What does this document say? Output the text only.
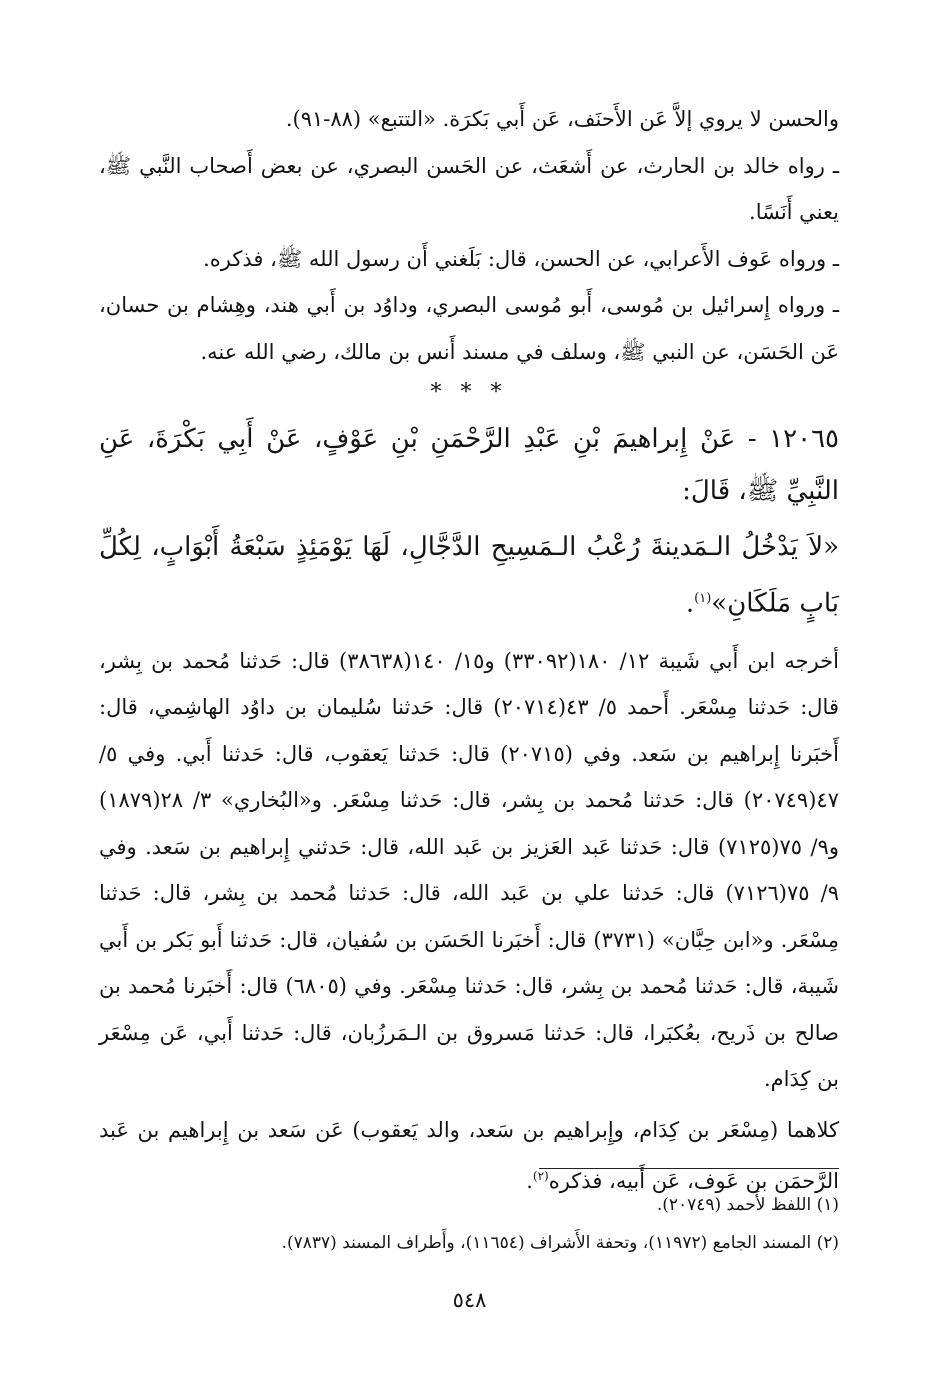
والحسن لا يروي إلاَّ عَن الأَحنَف، عَن أَبي بَكرَة. «التتبع» (٨٨-٩١).

ـ رواه خالد بن الحارث، عن أَشعَث، عن الحَسن البصري، عن بعض أَصحاب النَّبي ﷺ، يعني أَنَسًا.

ـ ورواه عَوف الأَعرابي، عن الحسن، قال: بَلَغني أَن رسول الله ﷺ، فذكره.

ـ ورواه إِسرائيل بن مُوسى، أَبو مُوسى البصري، وداوُد بن أَبي هند، وهِشام بن حسان، عَن الحَسَن، عن النبي ﷺ، وسلف في مسند أَنس بن مالك، رضي الله عنه.

* * *

١٢٠٦٥ - عَنْ إِبراهيمَ بْنِ عَبْدِ الرَّحْمَنِ بْنِ عَوْفٍ، عَنْ أَبِي بَكْرَةَ، عَنِ النَّبِيِّ ﷺ، قَالَ:

«لاَ يَدْخُلُ الـمَدينةَ رُعْبُ الـمَسِيحِ الدَّجَّالِ، لَهَا يَوْمَئِذٍ سَبْعَةُ أَبْوَابٍ، لِكُلِّ بَابٍ مَلَكَانِ»$^{(١)}$.

أخرجه ابن أَبي شَيبة ١٢/ ١٨٠(٣٣٠٩٢) و١٥/ ١٤٠(٣٨٦٣٨) قال: حَدثنا مُحمد بن بِشر، قال: حَدثنا مِسْعَر. أَحمد ٥/ ٤٣(٢٠٧١٤) قال: حَدثنا سُليمان بن داوُد الهاشِمي، قال: أَخبَرنا إِبراهيم بن سَعد. وفي (٢٠٧١٥) قال: حَدثنا يَعقوب، قال: حَدثنا أَبي. وفي ٥/ ٤٧(٢٠٧٤٩) قال: حَدثنا مُحمد بن بِشر، قال: حَدثنا مِسْعَر. و«البُخاري» ٣/ ٢٨(١٨٧٩) و٩/ ٧٥(٧١٢٥) قال: حَدثنا عَبد العَزيز بن عَبد الله، قال: حَدثني إِبراهيم بن سَعد. وفي ٩/ ٧٥(٧١٢٦) قال: حَدثنا علي بن عَبد الله، قال: حَدثنا مُحمد بن بِشر، قال: حَدثنا مِسْعَر. و«ابن حِبَّان» (٣٧٣١) قال: أَخبَرنا الحَسَن بن سُفيان، قال: حَدثنا أَبو بَكر بن أَبي شَيبة، قال: حَدثنا مُحمد بن بِشر، قال: حَدثنا مِسْعَر. وفي (٦٨٠٥) قال: أَخبَرنا مُحمد بن صالح بن ذَريح، بعُكبَرا، قال: حَدثنا مَسروق بن الـمَرزُبان، قال: حَدثنا أَبي، عَن مِسْعَر بن كِدَام.

كلاهما (مِسْعَر بن كِدَام، وإِبراهيم بن سَعد، والد يَعقوب) عَن سَعد بن إِبراهيم بن عَبد الرَّحمَن بن عَوف، عَن أَبيه، فذكره$^{(٢)}$.

(١) اللفظ لأَحمد (٢٠٧٤٩).

(٢) المسند الجامع (١١٩٧٢)، وتحفة الأَشراف (١١٦٥٤)، وأَطراف المسند (٧٨٣٧).

٥٤٨
